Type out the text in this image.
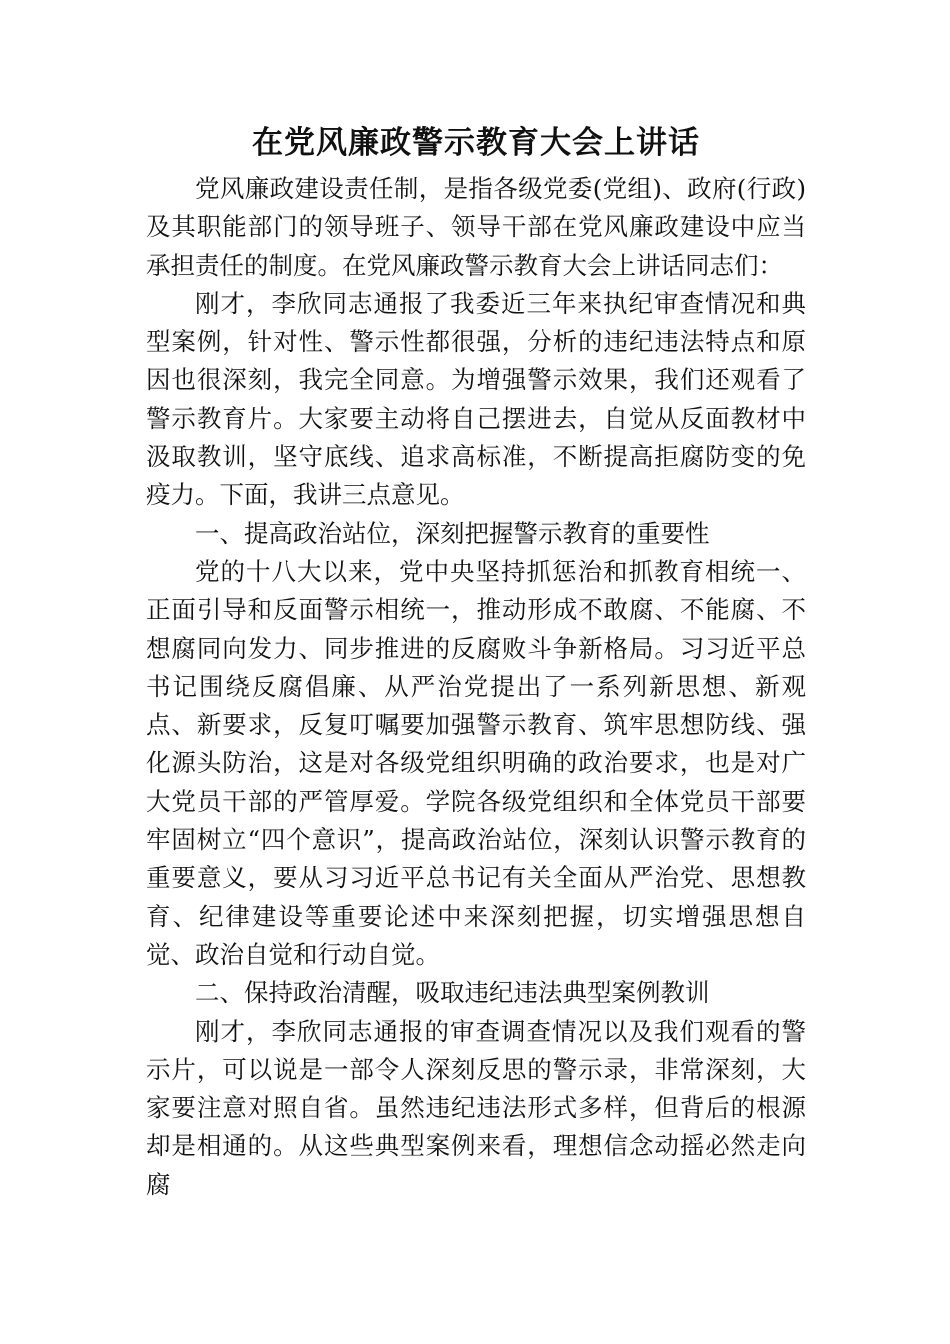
在党风廉政警示教育大会上讲话

党风廉政建设责任制，是指各级党委(党组)、政府(行政)及其职能部门的领导班子、领导干部在党风廉政建设中应当承担责任的制度。在党风廉政警示教育大会上讲话同志们：

刚才，李欣同志通报了我委近三年来执纪审查情况和典型案例，针对性、警示性都很强，分析的违纪违法特点和原因也很深刻，我完全同意。为增强警示效果，我们还观看了警示教育片。大家要主动将自己摆进去，自觉从反面教材中汲取教训，坚守底线、追求高标准，不断提高拒腐防变的免疫力。下面，我讲三点意见。

一、提高政治站位，深刻把握警示教育的重要性

党的十八大以来，党中央坚持抓惩治和抓教育相统一、正面引导和反面警示相统一，推动形成不敢腐、不能腐、不想腐同向发力、同步推进的反腐败斗争新格局。习习近平总书记围绕反腐倡廉、从严治党提出了一系列新思想、新观点、新要求，反复叮嘱要加强警示教育、筑牢思想防线、强化源头防治，这是对各级党组织明确的政治要求，也是对广大党员干部的严管厚爱。学院各级党组织和全体党员干部要牢固树立“四个意识”，提高政治站位，深刻认识警示教育的重要意义，要从习习近平总书记有关全面从严治党、思想教育、纪律建设等重要论述中来深刻把握，切实增强思想自觉、政治自觉和行动自觉。

二、保持政治清醒，吸取违纪违法典型案例教训

刚才，李欣同志通报的审查调查情况以及我们观看的警示片，可以说是一部令人深刻反思的警示录，非常深刻，大家要注意对照自省。虽然违纪违法形式多样，但背后的根源却是相通的。从这些典型案例来看，理想信念动摇必然走向腐
